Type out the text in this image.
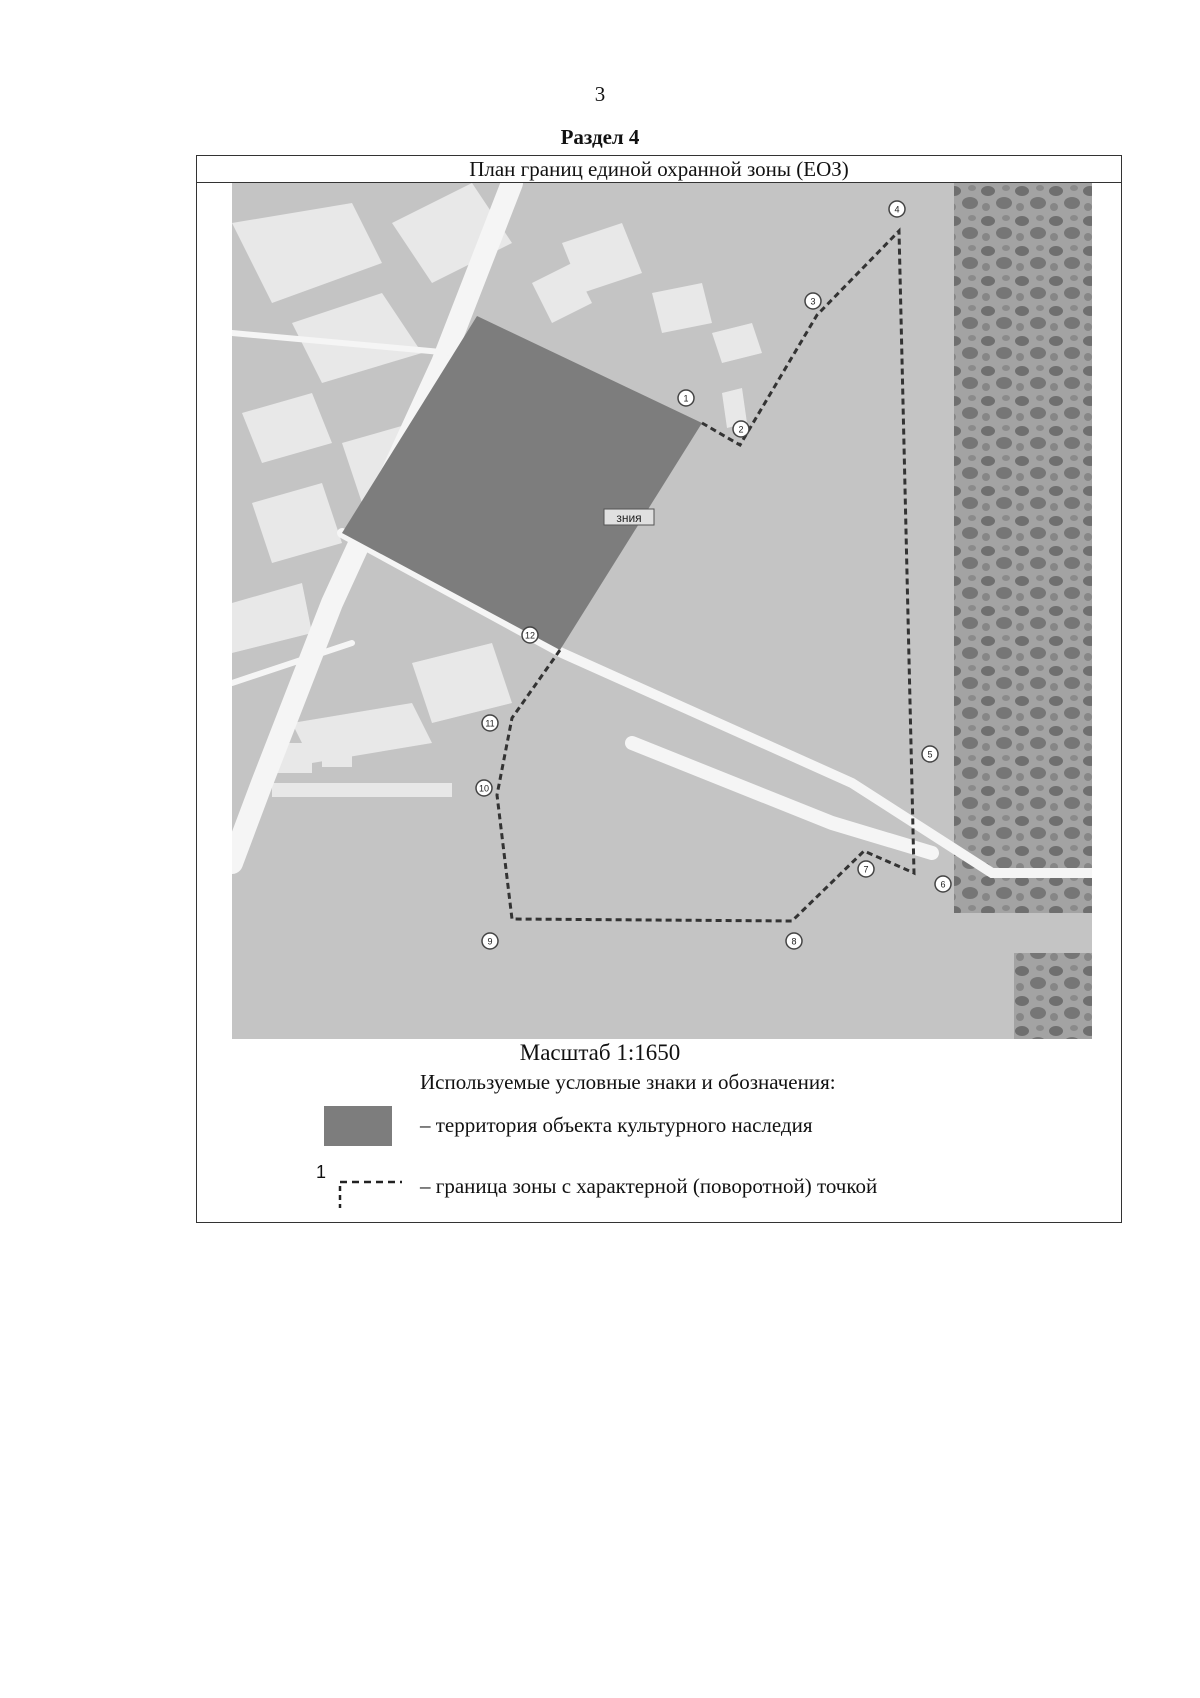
3
Раздел 4
План границ единой охранной зоны (ЕОЗ)
зния
1
2
3
4
5
6
7
8
9
10
11
12
Масштаб 1:1650
Используемые условные знаки и обозначения:
– территория объекта культурного наследия
1
– граница зоны с характерной (поворотной) точкой
